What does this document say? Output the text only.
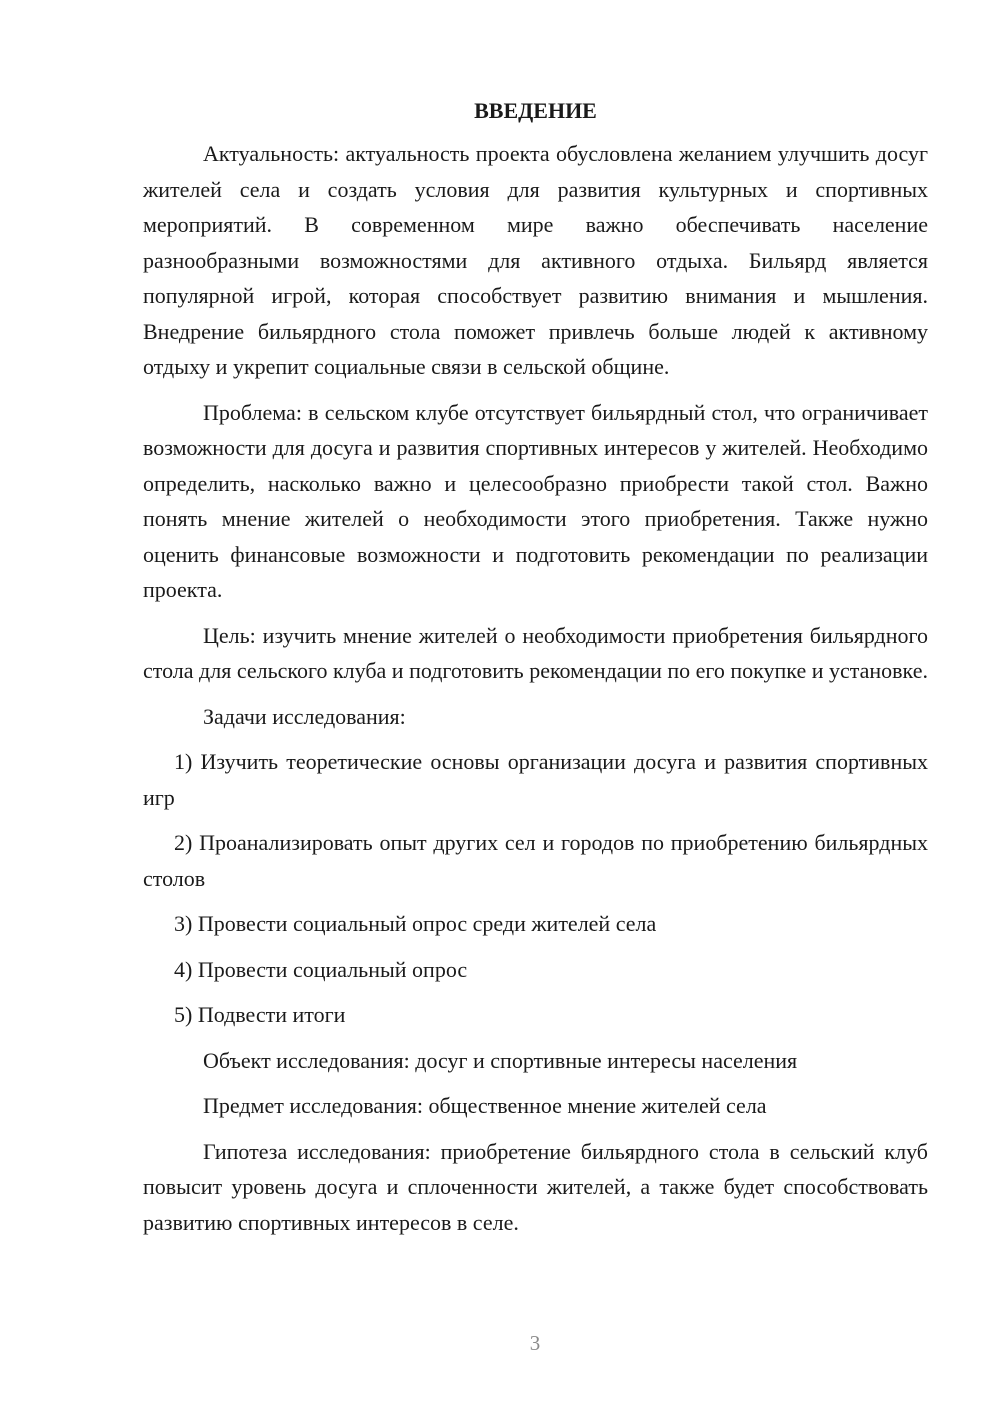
ВВЕДЕНИЕ
Актуальность: актуальность проекта обусловлена желанием улучшить досуг жителей села и создать условия для развития культурных и спортивных мероприятий. В современном мире важно обеспечивать население разнообразными возможностями для активного отдыха. Бильярд является популярной игрой, которая способствует развитию внимания и мышления. Внедрение бильярдного стола поможет привлечь больше людей к активному отдыху и укрепит социальные связи в сельской общине.
Проблема: в сельском клубе отсутствует бильярдный стол, что ограничивает возможности для досуга и развития спортивных интересов у жителей. Необходимо определить, насколько важно и целесообразно приобрести такой стол. Важно понять мнение жителей о необходимости этого приобретения. Также нужно оценить финансовые возможности и подготовить рекомендации по реализации проекта.
Цель: изучить мнение жителей о необходимости приобретения бильярдного стола для сельского клуба и подготовить рекомендации по его покупке и установке.
Задачи исследования:
1) Изучить теоретические основы организации досуга и развития спортивных игр
2) Проанализировать опыт других сел и городов по приобретению бильярдных столов
3) Провести социальный опрос среди жителей села
4) Провести социальный опрос
5) Подвести итоги
Объект исследования: досуг и спортивные интересы населения
Предмет исследования: общественное мнение жителей села
Гипотеза исследования: приобретение бильярдного стола в сельский клуб повысит уровень досуга и сплоченности жителей, а также будет способствовать развитию спортивных интересов в селе.
3
